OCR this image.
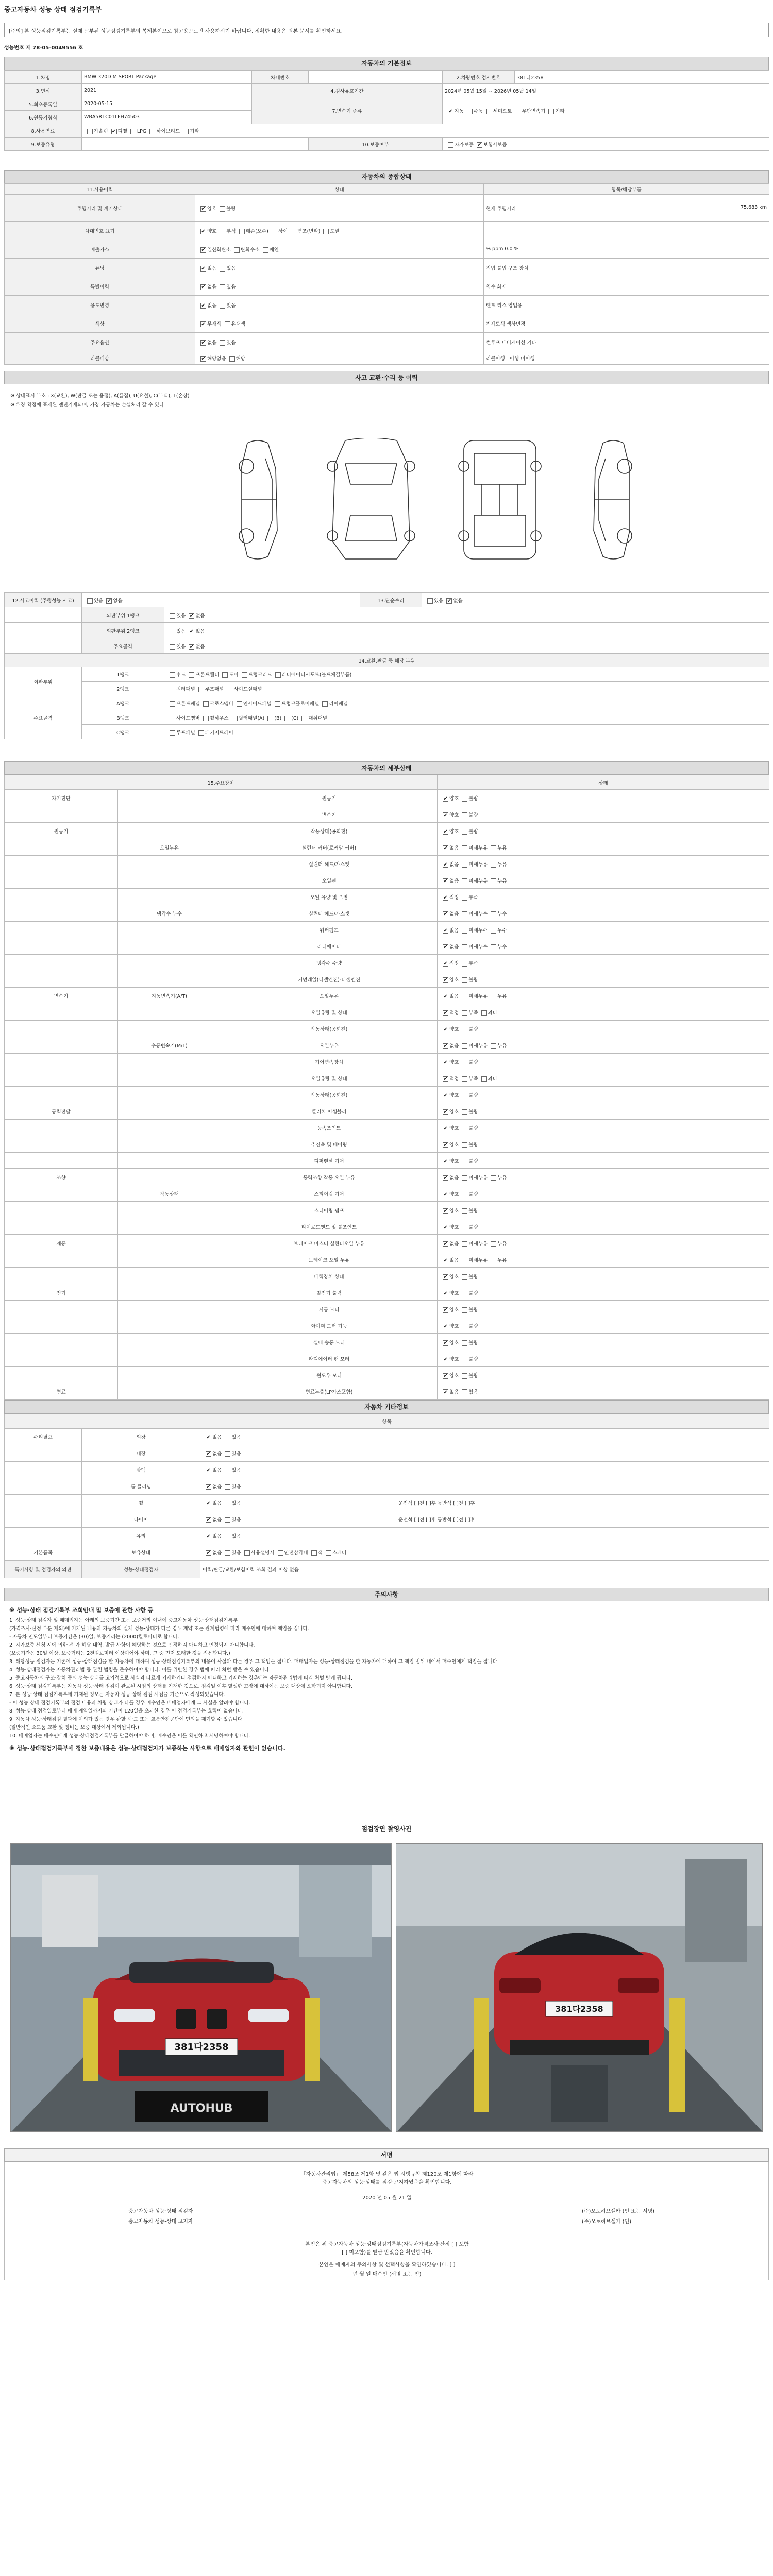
중고자동차 성능 상태 점검기록부
[주의] 본 성능점검기록부는 실제 교부된 성능점검기록부의 복제본이므로 참고용으로만 사용하시기 바랍니다. 정확한 내용은 원본 문서를 확인하세요.
성능번호 제 78-05-0049556 호
자동차의 기본정보
1.차명	BMW 320D M SPORT Package	차대번호		2.차량번호 검사번호	381다2358
3.연식	2021	4.검사유효기간		2024년 05월 15일 ~ 2026년 05월 14일	
5.최초등록일	2020-05-15	7.변속기 종류	✔자동 수동 세미오토 무단변속기 기타
6.원동기형식	WBA5R1C01LFH74503				
8.사용연료	가솔린 ✔ 디젤 LPG 하이브리드 기타
9.보증유형			10.보증여부	자가보증 ✔ 보험사보증
자동차의 종합상태
11.사용이력	상태	항목/해당부품
주행거리 및 계기상태	✔양호 불량	현재 주행거리 75,683 km

차대번호 표기	✔양호 부식 훼손(오손) 상이 변조(변타) 도말	
배출가스	✔일산화탄소 탄화수소 매연	% ppm 0.0 %
튜닝	✔없음 있음	적법 불법 구조 장치
특별이력	✔없음 있음	침수 화재
용도변경	✔없음 있음	렌트 리스 영업용
색상	✔무채색 유채색	전체도색 색상변경
주요옵션	✔없음 있음	썬루프 내비게이션 기타
리콜대상	✔해당없음 해당	리콜이행 이행 미이행
사고 교환·수리 등 이력
※ 상태표시 부호 : X(교환), W(판금 또는 용접), A(흠집), U(요철), C(부식), T(손상)
※ 위장 확정에 표제된 엔진기재되며, 가장 자동차는 손실처리 갈 수 있다
12.사고이력 (주행성능 사고)	있음 ✔ 없음		13.단순수리	있음 ✔ 없음
	외판부위 1랭크	있음 ✔ 없음
	외판부위 2랭크	있음 ✔ 없음
	주요골격	있음 ✔ 없음
14.교환,판금 등 해당 부위				
외판부위	1랭크	후드 프론트휀더 도어 트렁크리드 라디에이터서포트(볼트체결부품)		
	2랭크	쿼터패널 루프패널 사이드실패널		
주요골격	A랭크	프론트패널 크로스멤버 인사이드패널 트렁크플로어패널 리어패널		
	B랭크	사이드멤버 휠하우스 필러패널(A) (B) (C) 대쉬패널		
	C랭크	루프패널 패키지트레이		
자동차의 세부상태
15.주요장치			상태
자기진단		원동기	✔양호 불량
		변속기	✔양호 불량
원동기		작동상태(공회전)	✔양호 불량
	오일누유	실린더 커버(로커암 커버)	✔없음 미세누유 누유
		실린더 헤드/가스켓	✔없음 미세누유 누유
		오일팬	✔없음 미세누유 누유
		오일 유량 및 오염	✔적정 부족
	냉각수 누수	실린더 헤드/가스켓	✔없음 미세누수 누수
		워터펌프	✔없음 미세누수 누수
		라디에이터	✔없음 미세누수 누수
		냉각수 수량	✔적정 부족
		커먼레일(디젤엔진)-디젤엔진	✔양호 불량
변속기	자동변속기(A/T)	오일누유	✔없음 미세누유 누유
		오일유량 및 상태	✔적정 부족 과다
		작동상태(공회전)	✔양호 불량
	수동변속기(M/T)	오일누유	✔없음 미세누유 누유
		기어변속장치	✔양호 불량
		오일유량 및 상태	✔적정 부족 과다
		작동상태(공회전)	✔양호 불량
동력전달		클러치 어셈블리	✔양호 불량
		등속조인트	✔양호 불량
		추진축 및 베어링	✔양호 불량
		디퍼렌셜 기어	✔양호 불량
조향		동력조향 작동 오일 누유	✔없음 미세누유 누유
	작동상태	스티어링 기어	✔양호 불량
		스티어링 펌프	✔양호 불량
		타이로드엔드 및 볼조인트	✔양호 불량
제동		브레이크 마스터 실린더오일 누유	✔없음 미세누유 누유
		브레이크 오일 누유	✔없음 미세누유 누유
		배력장치 상태	✔양호 불량
전기		발전기 출력	✔양호 불량
		시동 모터	✔양호 불량
		와이퍼 모터 기능	✔양호 불량
		실내 송풍 모터	✔양호 불량
		라디에이터 팬 모터	✔양호 불량
		윈도우 모터	✔양호 불량
연료		연료누출(LP가스포함)	✔없음 있음
자동차 기타정보
항목			
수리필요	외장	✔없음 있음	
	내장	✔없음 있음	
	광택	✔없음 있음	
	룸 클리닝	✔없음 있음	
	휠	✔없음 있음	운전석 [ ]전 [ ]후 동반석 [ ]전 [ ]후
	타이어	✔없음 있음	운전석 [ ]전 [ ]후 동반석 [ ]전 [ ]후
	유리	✔없음 있음	
기본품목	보유상태	✔없음 있음 사용설명서 안전삼각대 잭 스패너	
특기사항 및 점검자의 의견	성능·상태점검자	이력/판금/교환/보험이력 조회 결과 이상 없음	
주의사항
※ 성능·상태 점검기록부 조회안내 및 보증에 관한 사항 등
1. 성능·상태 점검자 및 매매업자는 아래의 보증기간 또는 보증거리 이내에 중고자동차 성능·상태점검기록부
(가격조사·산정 부분 제외)에 기재된 내용과 자동차의 실제 성능·상태가 다른 경우 계약 또는 관계법령에 따라 매수인에 대하여 책임을 집니다.
- 자동차 인도일부터 보증기간은 (30)일, 보증거리는 (2000)킬로미터로 합니다.
2. 자가보증 신청 시에 의한 전 가 해당 내역, 발급 사항이 해당하는 것으로 인정하지 아니하고 인정되지 아니합니다.
(보증기간은 30일 이상, 보증거리는 2천킬로미터 이상이어야 하며, 그 중 먼저 도래한 것을 적용합니다.)
3. 해당성능 점검자는 기존에 성능·상태점검을 한 자동차에 대하여 성능·상태점검기록부의 내용이 사실과 다른 경우 그 책임을 집니다. 매매업자는 성능·상태점검을 한 자동차에 대하여 그 책임 범위 내에서 매수인에게 책임을 집니다.
4. 성능·상태점검자는 자동차관리법 등 관련 법령을 준수하여야 합니다. 이를 위반한 경우 법에 따라 처벌 받을 수 있습니다.
5. 중고자동차의 구조·장치 등의 성능·상태를 고의적으로 사실과 다르게 기재하거나 점검하지 아니하고 기재하는 경우에는 자동차관리법에 따라 처벌 받게 됩니다.
6. 성능·상태 점검기록부는 자동차 성능·상태 점검이 완료된 시점의 상태를 기재한 것으로, 점검일 이후 발생한 고장에 대하여는 보증 대상에 포함되지 아니합니다.
7. 본 성능·상태 점검기록부에 기재된 정보는 자동차 성능·상태 점검 시점을 기준으로 작성되었습니다.
- 이 성능·상태 점검기록부의 점검 내용과 차량 상태가 다를 경우 매수인은 매매업자에게 그 사실을 알려야 합니다.
8. 성능·상태 점검일로부터 매매 계약일까지의 기간이 120일을 초과한 경우 이 점검기록부는 효력이 없습니다.
9. 자동차 성능·상태점검 결과에 이의가 있는 경우 관할 시·도 또는 교통안전공단에 민원을 제기할 수 있습니다.
(일반적인 소모품 교환 및 정비는 보증 대상에서 제외됩니다.)
10. 매매업자는 매수인에게 성능·상태점검기록부를 발급하여야 하며, 매수인은 이를 확인하고 서명하여야 합니다.
※ 성능·상태점검기록부에 정한 보증내용은 성능·상태점검자가 보증하는 사항으로 매매업자와 관련이 없습니다.
점검장면 촬영사진
381다2358
AUTOHUB
381다2358
서명
「자동차관리법」 제58조 제1항 및 같은 법 시행규칙 제120조 제1항에 따라
중고자동차의 성능·상태를 점검·고지하였음을 확인합니다.
2020 년 05 월 21 일
중고자동차 성능·상태 점검자	(주)오토허브셀카 (인 또는 서명)
중고자동차 성능·상태 고지자	(주)오토허브셀카 (인)
본인은 위 중고자동차 성능·상태점검기록부(자동차가격조사·산정 [ ] 포함
[ ] 미포함)를 발급 받았음을 확인합니다.
본인은 매매자의 주의사항 및 선택사항을 확인하였습니다. [ ]
년 월 일 매수인 (서명 또는 인)
